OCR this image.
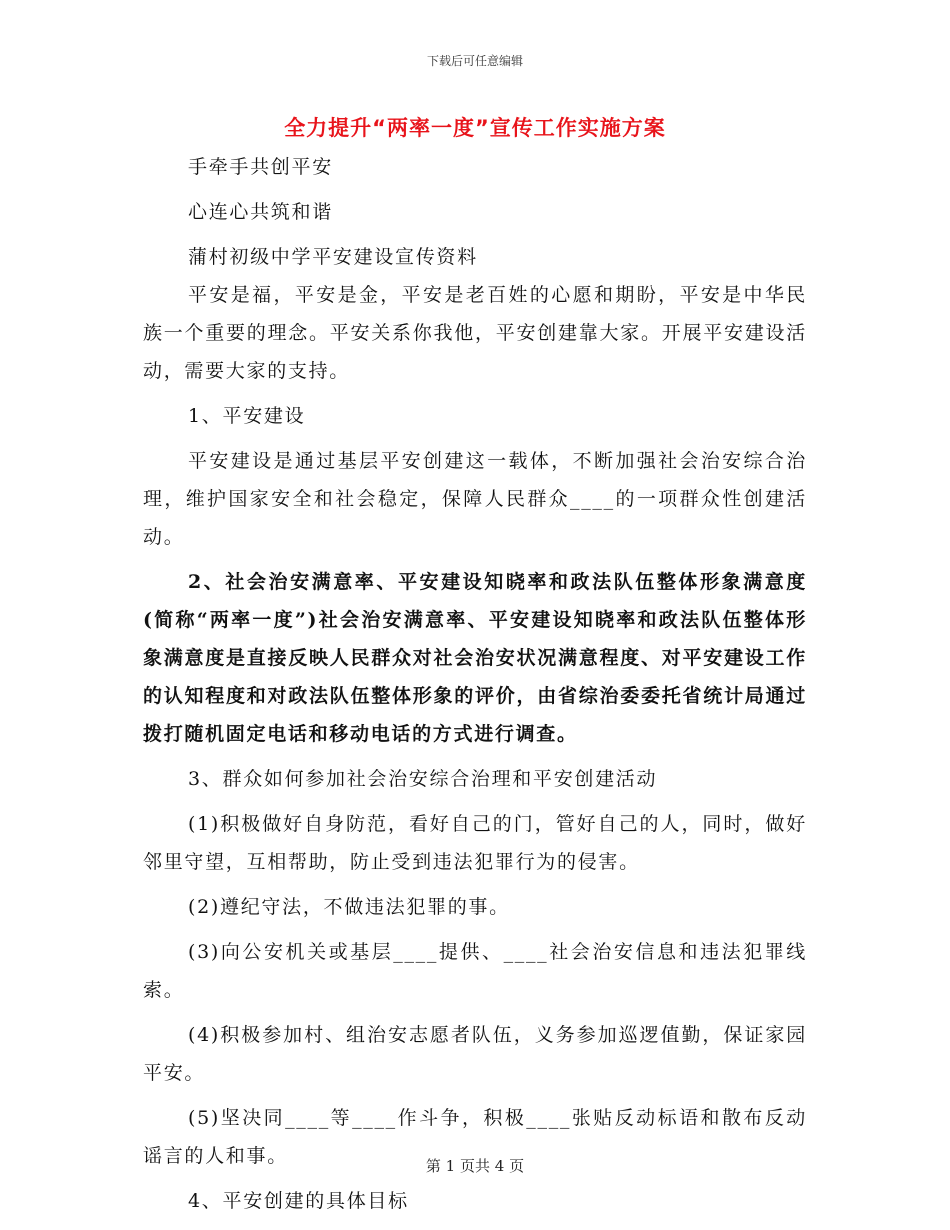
下载后可任意编辑
全力提升“两率一度”宣传工作实施方案

手牵手共创平安

心连心共筑和谐

蒲村初级中学平安建设宣传资料

平安是福，平安是金，平安是老百姓的心愿和期盼，平安是中华民族一个重要的理念。平安关系你我他，平安创建靠大家。开展平安建设活动，需要大家的支持。

1、平安建设

平安建设是通过基层平安创建这一载体，不断加强社会治安综合治理，维护国家安全和社会稳定，保障人民群众____的一项群众性创建活动。

2、社会治安满意率、平安建设知晓率和政法队伍整体形象满意度(简称“两率一度”)社会治安满意率、平安建设知晓率和政法队伍整体形象满意度是直接反映人民群众对社会治安状况满意程度、对平安建设工作的认知程度和对政法队伍整体形象的评价，由省综治委委托省统计局通过拨打随机固定电话和移动电话的方式进行调查。

3、群众如何参加社会治安综合治理和平安创建活动

(1)积极做好自身防范，看好自己的门，管好自己的人，同时，做好邻里守望，互相帮助，防止受到违法犯罪行为的侵害。

(2)遵纪守法，不做违法犯罪的事。

(3)向公安机关或基层____提供、____社会治安信息和违法犯罪线索。

(4)积极参加村、组治安志愿者队伍，义务参加巡逻值勤，保证家园平安。

(5)坚决同____等____作斗争，积极____张贴反动标语和散布反动谣言的人和事。

4、平安创建的具体目标

第 1 页共 4 页
